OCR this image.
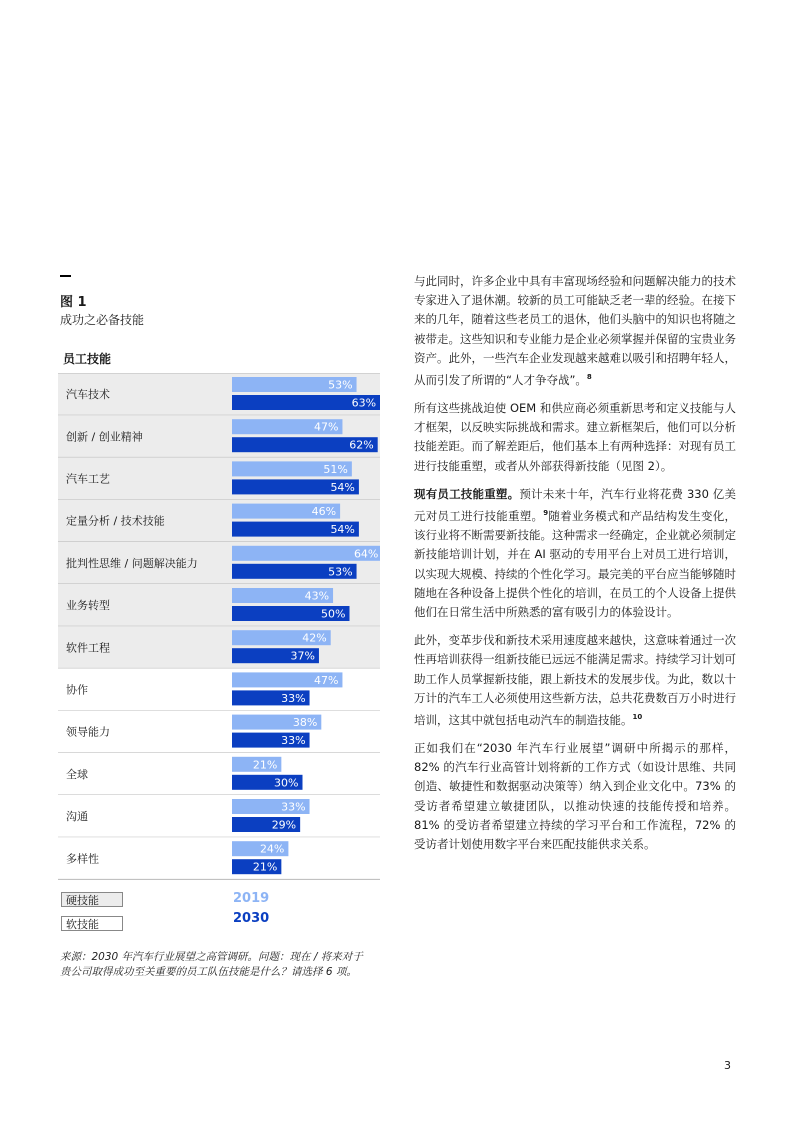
图 1
成功之必备技能
员工技能
汽车技术
53%
63%
创新 / 创业精神
47%
62%
汽车工艺
51%
54%
定量分析 / 技术技能
46%
54%
批判性思维 / 问题解决能力
64%
53%
业务转型
43%
50%
软件工程
42%
37%
协作
47%
33%
领导能力
38%
33%
全球
21%
30%
沟通
33%
29%
多样性
24%
21%
硬技能
软技能
2019
2030
来源：2030 年汽车行业展望之高管调研。问题：现在 / 将来对于贵公司取得成功至关重要的员工队伍技能是什么？请选择 6 项。

与此同时，许多企业中具有丰富现场经验和问题解决能力的技术专家进入了退休潮。较新的员工可能缺乏老一辈的经验。在接下来的几年，随着这些老员工的退休，他们头脑中的知识也将随之被带走。这些知识和专业能力是企业必须掌握并保留的宝贵业务资产。此外，一些汽车企业发现越来越难以吸引和招聘年轻人，从而引发了所谓的“人才争夺战”。$^8$

所有这些挑战迫使 OEM 和供应商必须重新思考和定义技能与人才框架，以反映实际挑战和需求。建立新框架后，他们可以分析技能差距。而了解差距后，他们基本上有两种选择：对现有员工进行技能重塑，或者从外部获得新技能（见图 2）。

现有员工技能重塑。预计未来十年，汽车行业将花费 330 亿美元对员工进行技能重塑。$^9$随着业务模式和产品结构发生变化，该行业将不断需要新技能。这种需求一经确定，企业就必须制定新技能培训计划，并在 AI 驱动的专用平台上对员工进行培训，以实现大规模、持续的个性化学习。最完美的平台应当能够随时随地在各种设备上提供个性化的培训，在员工的个人设备上提供他们在日常生活中所熟悉的富有吸引力的体验设计。

此外，变革步伐和新技术采用速度越来越快，这意味着通过一次性再培训获得一组新技能已远远不能满足需求。持续学习计划可助工作人员掌握新技能，跟上新技术的发展步伐。为此，数以十万计的汽车工人必须使用这些新方法，总共花费数百万小时进行培训，这其中就包括电动汽车的制造技能。$^{10}$

正如我们在“2030 年汽车行业展望”调研中所揭示的那样，82% 的汽车行业高管计划将新的工作方式（如设计思维、共同创造、敏捷性和数据驱动决策等）纳入到企业文化中。73% 的受访者希望建立敏捷团队，以推动快速的技能传授和培养。81% 的受访者希望建立持续的学习平台和工作流程，72% 的受访者计划使用数字平台来匹配技能供求关系。

3
